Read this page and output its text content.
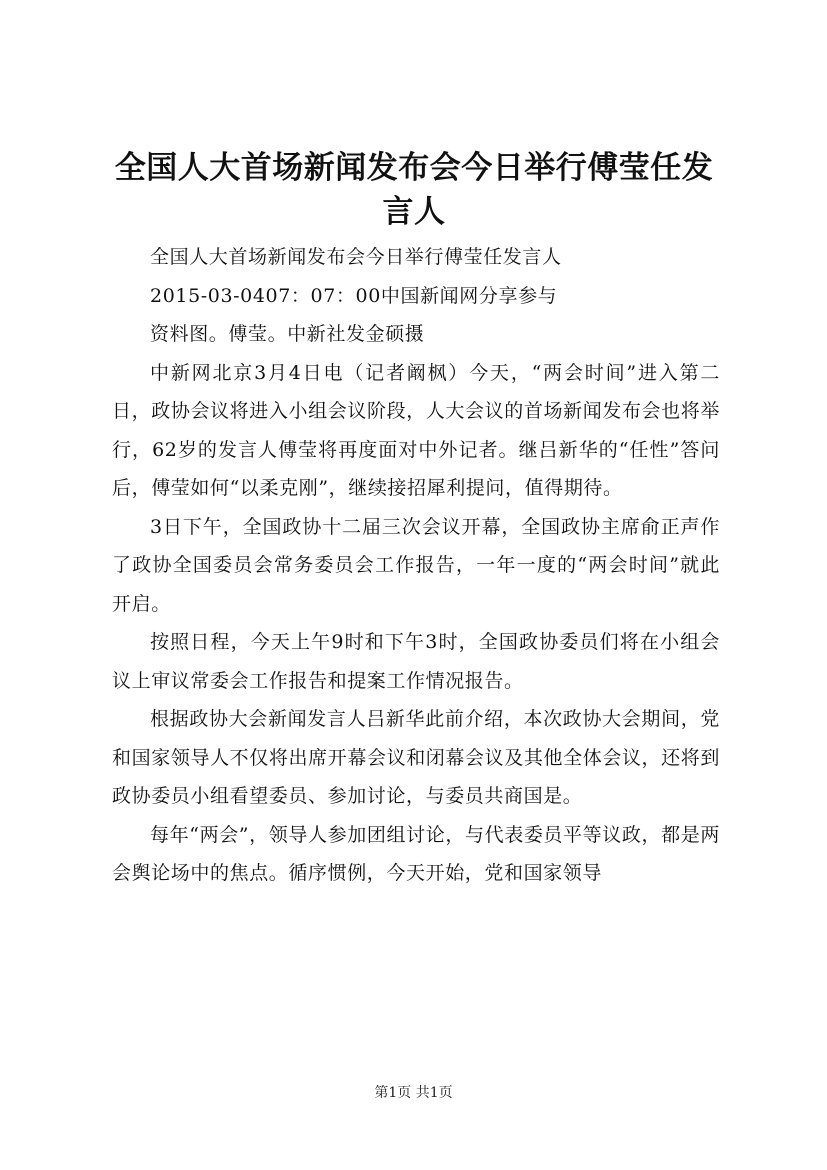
全国人大首场新闻发布会今日举行傅莹任发言人

全国人大首场新闻发布会今日举行傅莹任发言人

2015-03-0407：07：00中国新闻网分享参与

资料图。傅莹。中新社发金硕摄

中新网北京3月4日电（记者阚枫）今天，“两会时间”进入第二日，政协会议将进入小组会议阶段，人大会议的首场新闻发布会也将举行，62岁的发言人傅莹将再度面对中外记者。继吕新华的“任性”答问后，傅莹如何“以柔克刚”，继续接招犀利提问，值得期待。

3日下午，全国政协十二届三次会议开幕，全国政协主席俞正声作了政协全国委员会常务委员会工作报告，一年一度的“两会时间”就此开启。

按照日程，今天上午9时和下午3时，全国政协委员们将在小组会议上审议常委会工作报告和提案工作情况报告。

根据政协大会新闻发言人吕新华此前介绍，本次政协大会期间，党和国家领导人不仅将出席开幕会议和闭幕会议及其他全体会议，还将到政协委员小组看望委员、参加讨论，与委员共商国是。

每年“两会”，领导人参加团组讨论，与代表委员平等议政，都是两会舆论场中的焦点。循序惯例，今天开始，党和国家领导

第1页 共1页
